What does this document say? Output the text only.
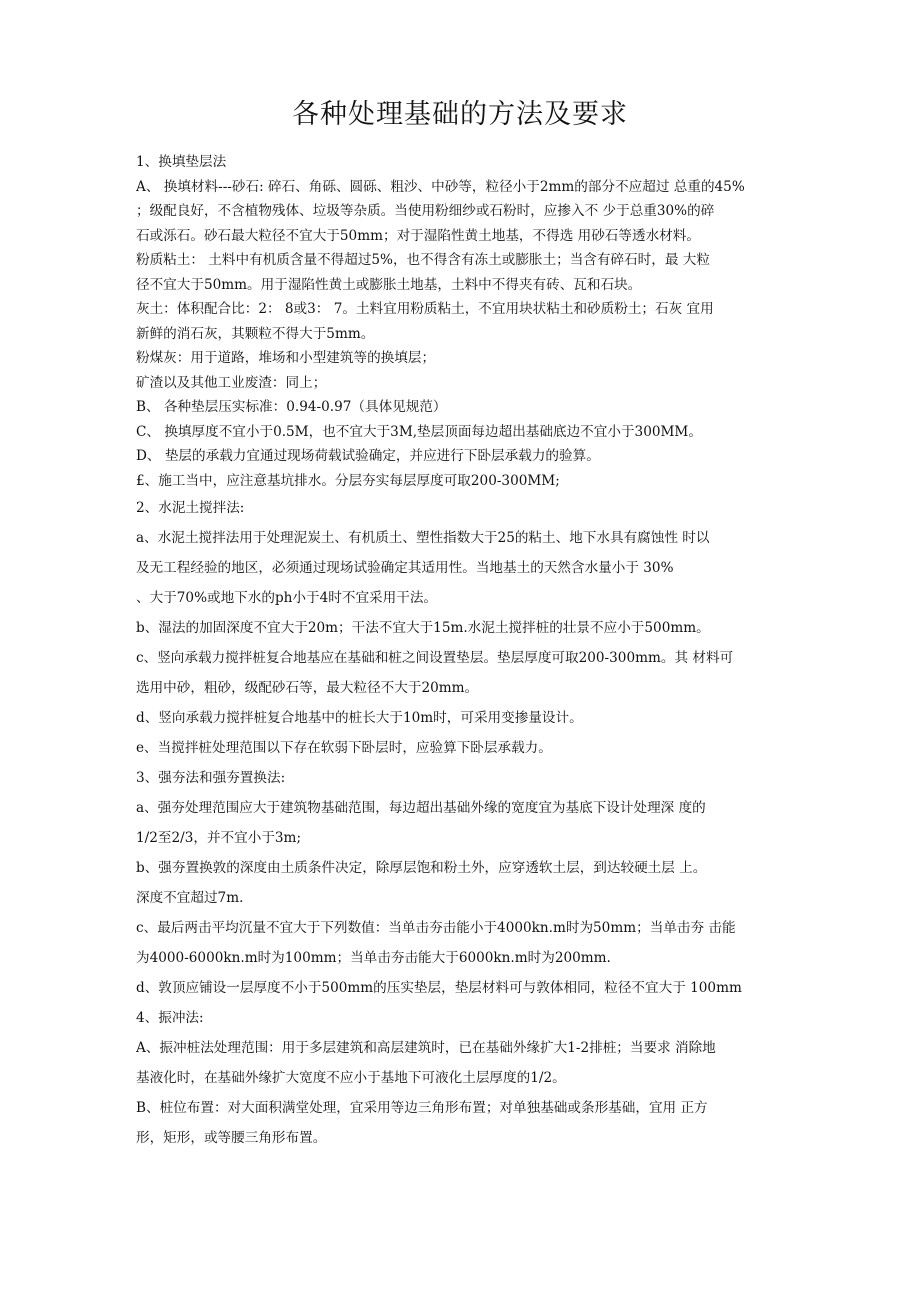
各种处理基础的方法及要求

1、换填垫层法

A、 换填材料---砂石: 碎石、角砾、圆砾、粗沙、中砂等，粒径小于2mm的部分不应超过 总重的45%

；级配良好，不含植物残体、垃圾等杂质。当使用粉细纱或石粉时，应掺入不 少于总重30%的碎

石或泺石。砂石最大粒径不宜大于50mm；对于湿陷性黄土地基，不得选 用砂石等透水材料。

粉质粘土： 土料中有机质含量不得超过5%，也不得含有冻土或膨胀土；当含有碎石时，最 大粒

径不宜大于50mm。用于湿陷性黄土或膨胀土地基，土料中不得夹有砖、瓦和石块。

灰土：体积配合比：2： 8或3： 7。土料宜用粉质粘土，不宜用块状粘土和砂质粉土；石灰 宜用

新鲜的消石灰，其颗粒不得大于5mm。

粉煤灰：用于道路，堆场和小型建筑等的换填层；

矿渣以及其他工业废渣：同上；

B、 各种垫层压实标准：0.94-0.97（具体见规范）

C、 换填厚度不宜小于0.5M，也不宜大于3M,垫层顶面每边超出基础底边不宜小于300MM。

D、 垫层的承载力宜通过现场荷载试验确定，并应进行下卧层承载力的验算。

£、施工当中，应注意基坑排水。分层夯实每层厚度可取200-300MM;

2、水泥土搅拌法:

a、水泥土搅拌法用于处理泥炭土、有机质土、塑性指数大于25的粘土、地下水具有腐蚀性 时以

及无工程经验的地区，必须通过现场试验确定其适用性。当地基土的天然含水量小于 30%

、大于70%或地下水的ph小于4时不宜采用干法。

b、湿法的加固深度不宜大于20m；干法不宜大于15m.水泥土搅拌桩的壮景不应小于500mm。

c、竖向承载力搅拌桩复合地基应在基础和桩之间设置垫层。垫层厚度可取200-300mm。其 材料可

选用中砂，粗砂，级配砂石等，最大粒径不大于20mm。

d、竖向承载力搅拌桩复合地基中的桩长大于10m时，可采用变掺量设计。

e、当搅拌桩处理范围以下存在软弱下卧层时，应验算下卧层承载力。

3、强夯法和强夯置换法:

a、强夯处理范围应大于建筑物基础范围，每边超出基础外缘的宽度宜为基底下设计处理深 度的

1/2至2/3，并不宜小于3m;

b、强夯置换敦的深度由土质条件决定，除厚层饱和粉土外，应穿透软土层，到达较硬土层 上。

深度不宜超过7m.

c、最后两击平均沉量不宜大于下列数值：当单击夯击能小于4000kn.m时为50mm；当单击夯 击能

为4000-6000kn.m时为100mm；当单击夯击能大于6000kn.m时为200mm.

d、敦顶应铺设一层厚度不小于500mm的压实垫层，垫层材料可与敦体相同，粒径不宜大于 100mm

4、振冲法:

A、振冲桩法处理范围：用于多层建筑和高层建筑时，已在基础外缘扩大1-2排桩；当要求 消除地

基液化时，在基础外缘扩大宽度不应小于基地下可液化土层厚度的1/2。

B、桩位布置：对大面积满堂处理，宜采用等边三角形布置；对单独基础或条形基础，宜用 正方

形，矩形，或等腰三角形布置。
